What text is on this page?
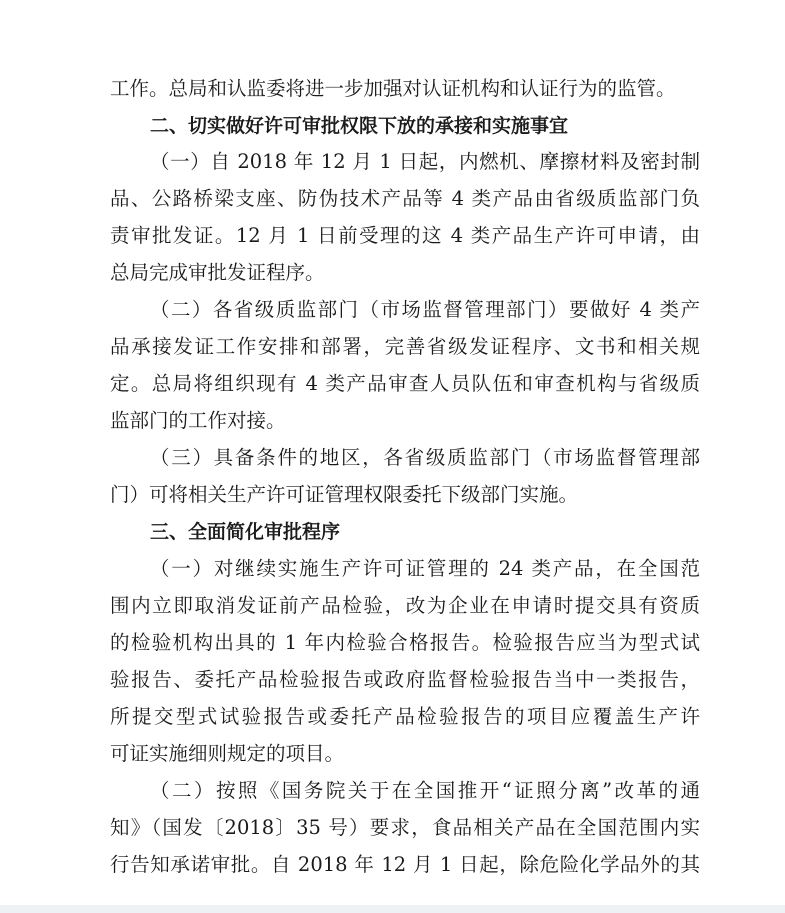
工作。总局和认监委将进一步加强对认证机构和认证行为的监管。
二、切实做好许可审批权限下放的承接和实施事宜
（一）自 2018 年 12 月 1 日起，内燃机、摩擦材料及密封制
品、公路桥梁支座、防伪技术产品等 4 类产品由省级质监部门负
责审批发证。12 月 1 日前受理的这 4 类产品生产许可申请，由
总局完成审批发证程序。
（二）各省级质监部门（市场监督管理部门）要做好 4 类产
品承接发证工作安排和部署，完善省级发证程序、文书和相关规
定。总局将组织现有 4 类产品审查人员队伍和审查机构与省级质
监部门的工作对接。
（三）具备条件的地区，各省级质监部门（市场监督管理部
门）可将相关生产许可证管理权限委托下级部门实施。
三、全面简化审批程序
（一）对继续实施生产许可证管理的 24 类产品，在全国范
围内立即取消发证前产品检验，改为企业在申请时提交具有资质
的检验机构出具的 1 年内检验合格报告。检验报告应当为型式试
验报告、委托产品检验报告或政府监督检验报告当中一类报告，
所提交型式试验报告或委托产品检验报告的项目应覆盖生产许
可证实施细则规定的项目。
（二）按照《国务院关于在全国推开“证照分离”改革的通
知》（国发〔2018〕35 号）要求，食品相关产品在全国范围内实
行告知承诺审批。自 2018 年 12 月 1 日起，除危险化学品外的其
